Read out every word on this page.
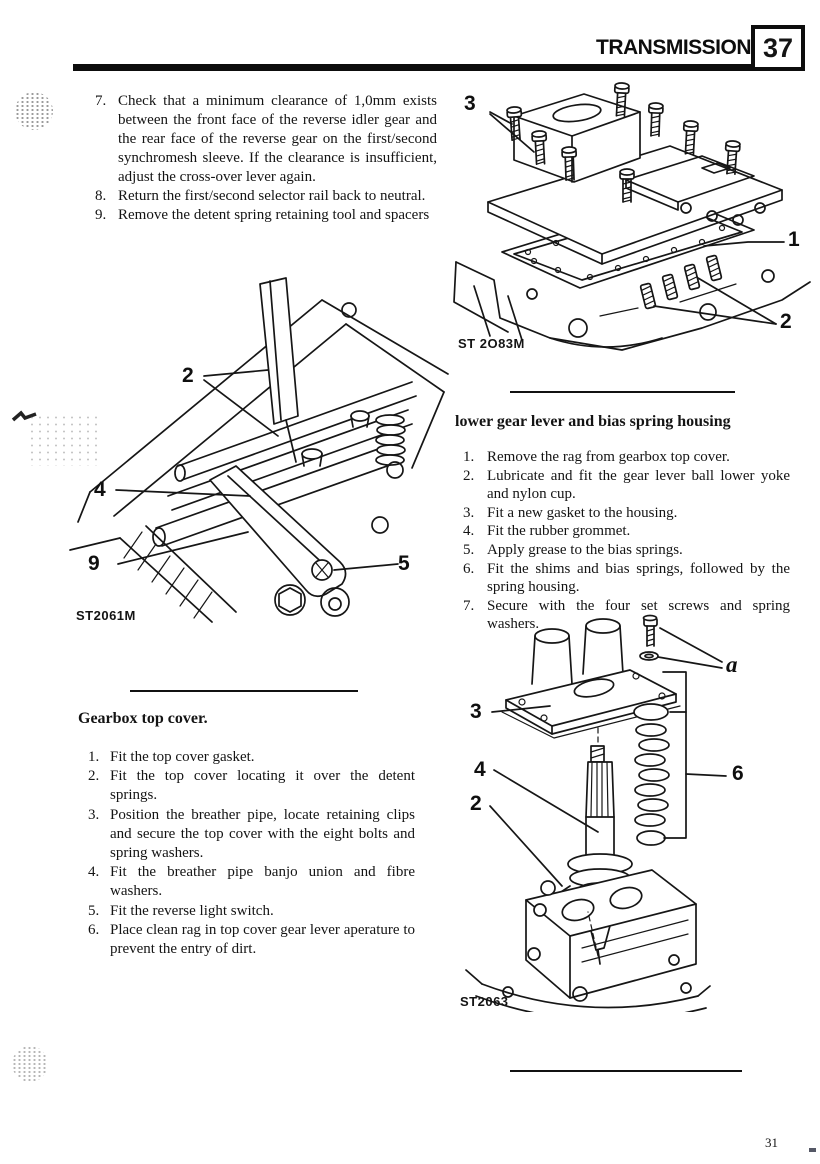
TRANSMISSION 37
7. Check that a minimum clearance of 1,0mm exists between the front face of the reverse idler gear and the rear face of the reverse gear on the first/second synchromesh sleeve. If the clearance is insufficient, adjust the cross-over lever again.
8. Return the first/second selector rail back to neutral.
9. Remove the detent spring retaining tool and spacers
2
4
9	5
ST2061M
Gearbox top cover.
1. Fit the top cover gasket.
2. Fit the top cover locating it over the detent springs.
3. Position the breather pipe, locate retaining clips and secure the top cover with the eight bolts and spring washers.
4. Fit the breather pipe banjo union and fibre washers.
5. Fit the reverse light switch.
6. Place clean rag in top cover gear lever aperature to prevent the entry of dirt.
3
1
2
ST 2O83M
lower gear lever and bias spring housing
1. Remove the rag from gearbox top cover.
2. Lubricate and fit the gear lever ball lower yoke and nylon cup.
3. Fit a new gasket to the housing.
4. Fit the rubber grommet.
5. Apply grease to the bias springs.
6. Fit the shims and bias springs, followed by the spring housing.
7. Secure with the four set screws and spring washers.
a
3
4
2
6
ST2063
31
